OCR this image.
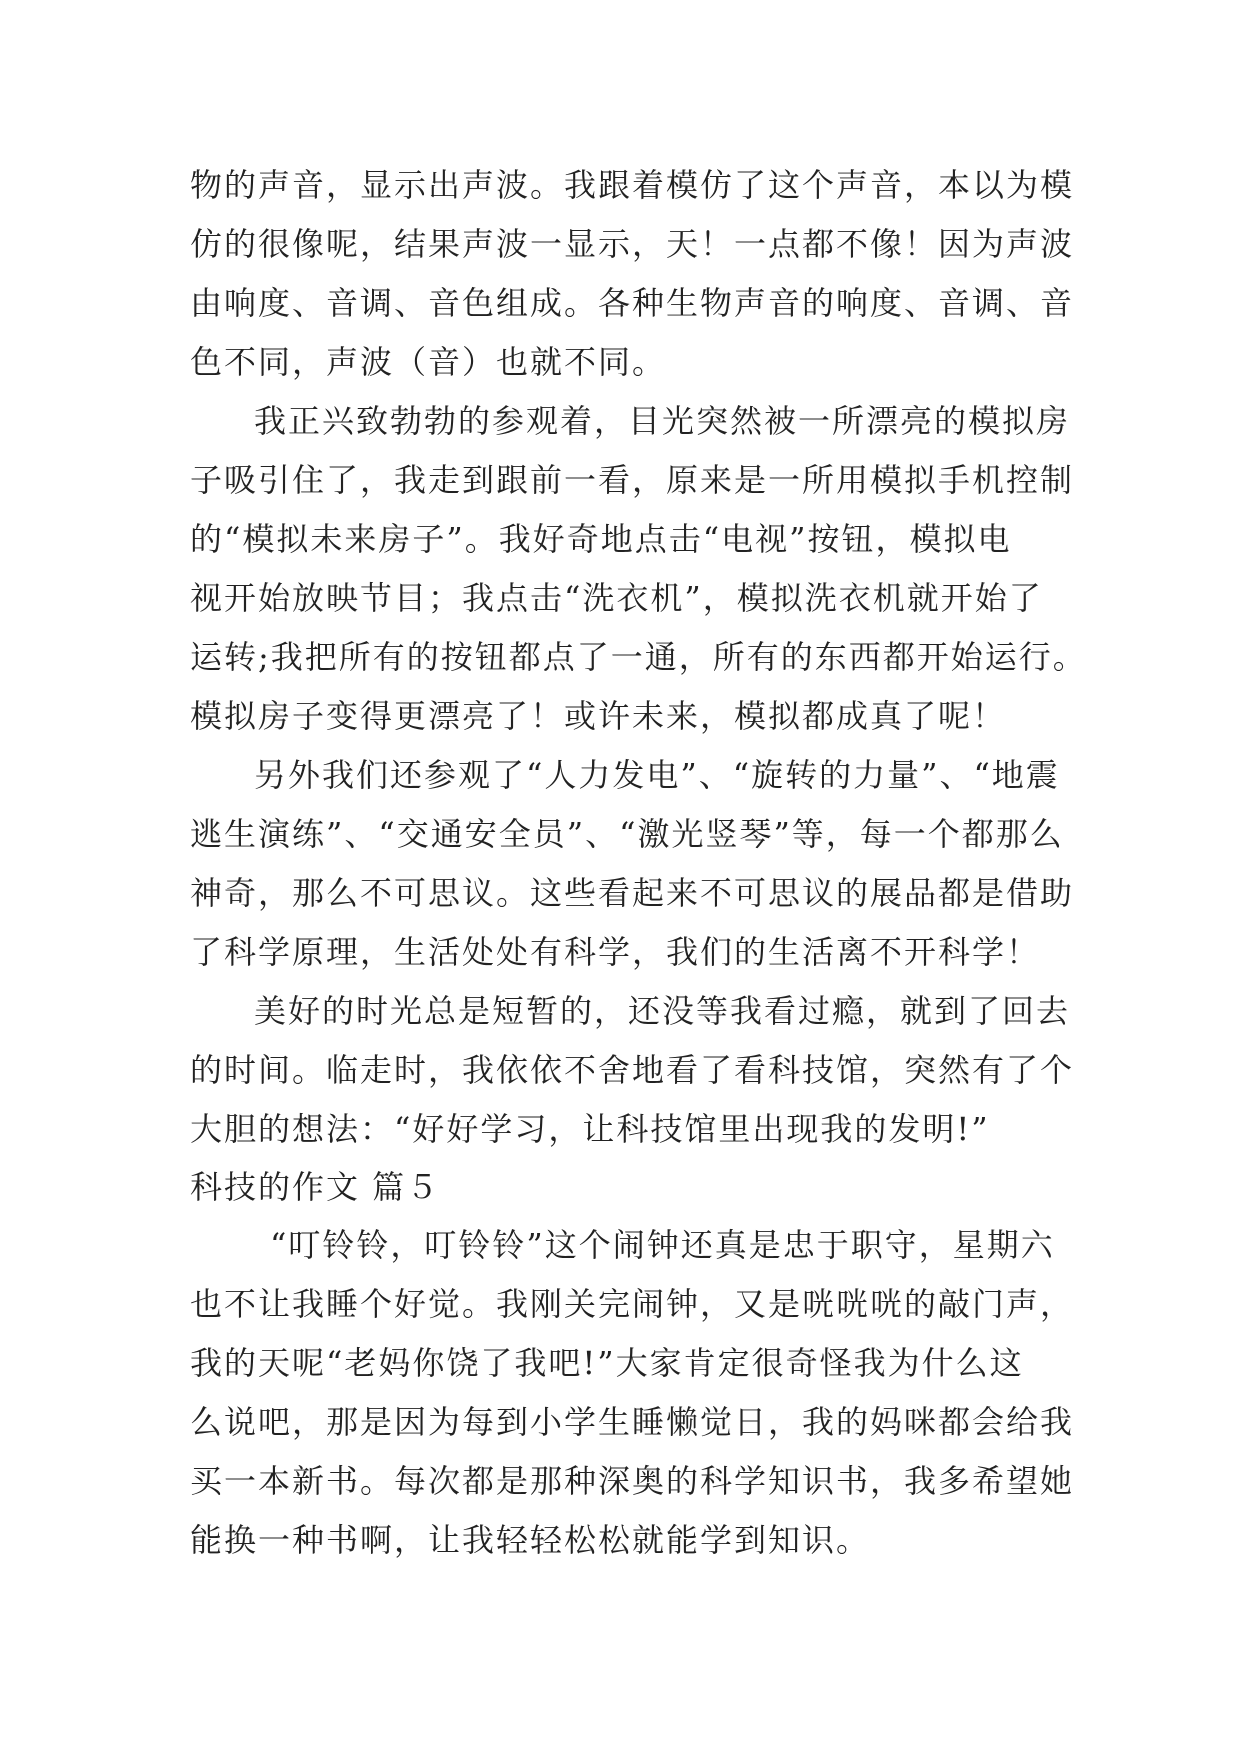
物的声音，显示出声波。我跟着模仿了这个声音，本以为模
仿的很像呢，结果声波一显示，天！一点都不像！因为声波
由响度、音调、音色组成。各种生物声音的响度、音调、音
色不同，声波（音）也就不同。
我正兴致勃勃的参观着，目光突然被一所漂亮的模拟房
子吸引住了，我走到跟前一看，原来是一所用模拟手机控制
的“模拟未来房子”。我好奇地点击“电视”按钮，模拟电
视开始放映节目；我点击“洗衣机”，模拟洗衣机就开始了
运转;我把所有的按钮都点了一通，所有的东西都开始运行。
模拟房子变得更漂亮了！或许未来，模拟都成真了呢！
另外我们还参观了“人力发电”、“旋转的力量”、“地震
逃生演练”、“交通安全员”、“激光竖琴”等，每一个都那么
神奇，那么不可思议。这些看起来不可思议的展品都是借助
了科学原理，生活处处有科学，我们的生活离不开科学！
美好的时光总是短暂的，还没等我看过瘾，就到了回去
的时间。临走时，我依依不舍地看了看科技馆，突然有了个
大胆的想法：“好好学习，让科技馆里出现我的发明!”
科技的作文 篇５
“叮铃铃，叮铃铃”这个闹钟还真是忠于职守，星期六
也不让我睡个好觉。我刚关完闹钟，又是咣咣咣的敲门声，
我的天呢“老妈你饶了我吧!”大家肯定很奇怪我为什么这
么说吧，那是因为每到小学生睡懒觉日，我的妈咪都会给我
买一本新书。每次都是那种深奥的科学知识书，我多希望她
能换一种书啊，让我轻轻松松就能学到知识。
